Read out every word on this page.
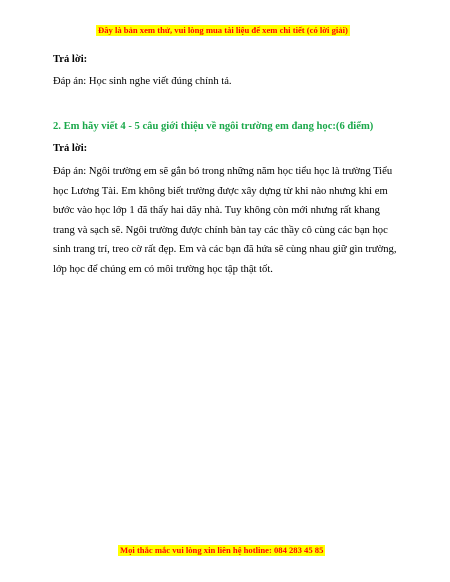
Đây là bản xem thử, vui lòng mua tài liệu để xem chi tiết (có lời giải)

Trả lời:

Đáp án: Học sinh nghe viết đúng chính tả.

2. Em hãy viết 4 - 5 câu giới thiệu về ngôi trường em đang học:(6 điểm)

Trả lời:

Đáp án: Ngôi trường em sẽ gắn bó trong những năm học tiểu học là trường Tiểu học Lương Tài. Em không biết trường được xây dựng từ khi nào nhưng khi em bước vào học lớp 1 đã thấy hai dãy nhà. Tuy không còn mới nhưng rất khang trang và sạch sẽ. Ngôi trường được chính bàn tay các thầy cô cùng các bạn học sinh trang trí, treo cờ rất đẹp. Em và các bạn đã hứa sẽ cùng nhau giữ gìn trường, lớp học để chúng em có môi trường học tập thật tốt.

Mọi thắc mắc vui lòng xin liên hệ hotline: 084 283 45 85
